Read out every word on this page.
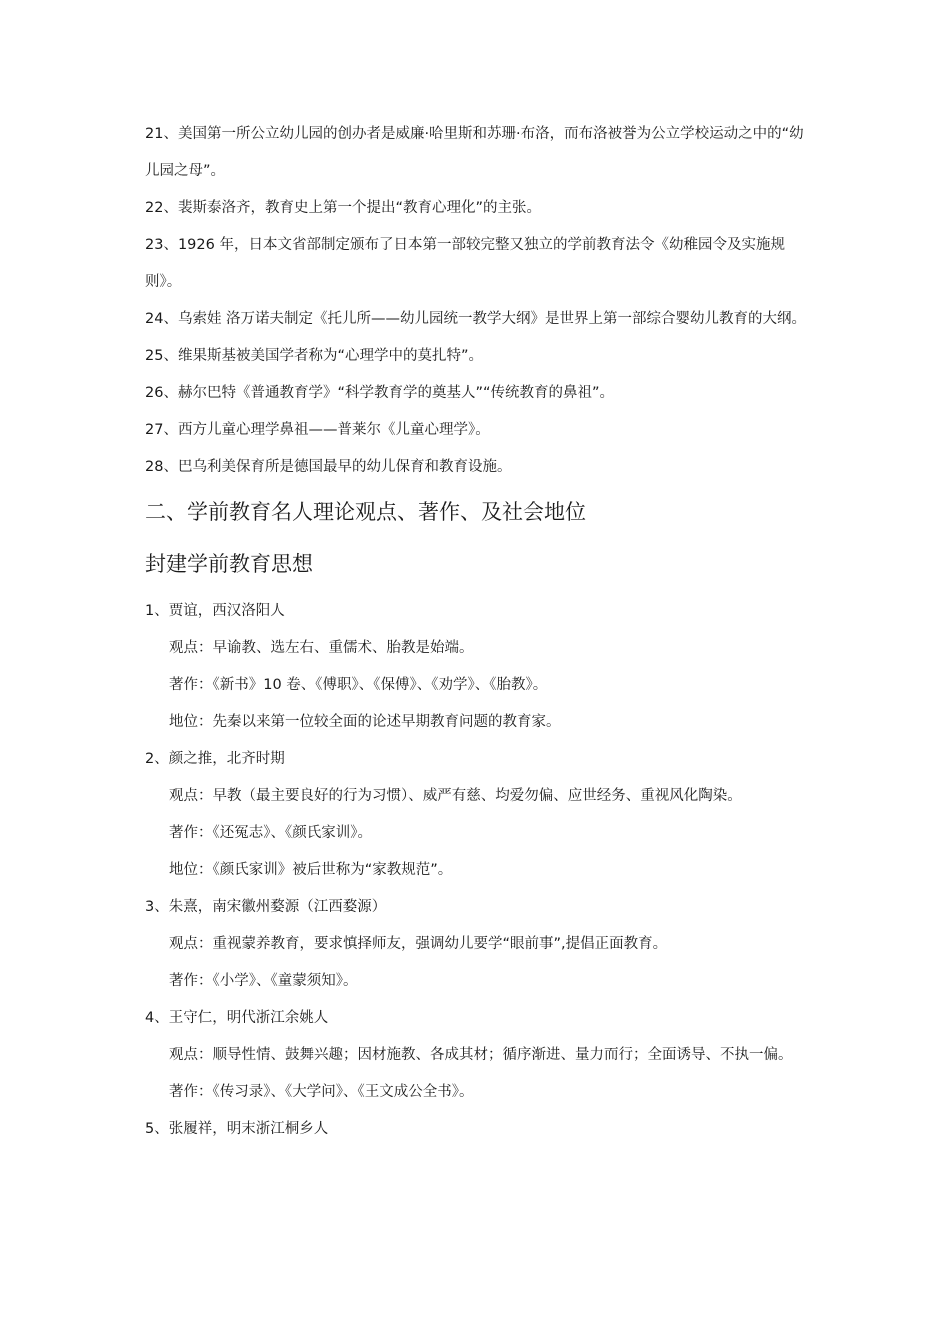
21、美国第一所公立幼儿园的创办者是威廉·哈里斯和苏珊·布洛，而布洛被誉为公立学校运动之中的“幼儿园之母”。

22、裴斯泰洛齐，教育史上第一个提出“教育心理化”的主张。

23、1926 年，日本文省部制定颁布了日本第一部较完整又独立的学前教育法令《幼稚园令及实施规则》。

24、乌索娃 洛万诺夫制定《托儿所——幼儿园统一教学大纲》是世界上第一部综合婴幼儿教育的大纲。

25、维果斯基被美国学者称为“心理学中的莫扎特”。

26、赫尔巴特《普通教育学》“科学教育学的奠基人”“传统教育的鼻祖”。

27、西方儿童心理学鼻祖——普莱尔《儿童心理学》。

28、巴乌利美保育所是德国最早的幼儿保育和教育设施。

二、学前教育名人理论观点、著作、及社会地位
封建学前教育思想

1、贾谊，西汉洛阳人

观点：早谕教、选左右、重儒术、胎教是始端。

著作：《新书》10 卷、《傅职》、《保傅》、《劝学》、《胎教》。

地位：先秦以来第一位较全面的论述早期教育问题的教育家。

2、颜之推，北齐时期

观点：早教（最主要良好的行为习惯）、威严有慈、均爱勿偏、应世经务、重视风化陶染。

著作：《还冤志》、《颜氏家训》。

地位：《颜氏家训》被后世称为“家教规范”。

3、朱熹，南宋徽州婺源（江西婺源）

观点：重视蒙养教育，要求慎择师友，强调幼儿要学“眼前事”,提倡正面教育。

著作：《小学》、《童蒙须知》。

4、王守仁，明代浙江余姚人

观点：顺导性情、鼓舞兴趣；因材施教、各成其材；循序渐进、量力而行；全面诱导、不执一偏。

著作：《传习录》、《大学问》、《王文成公全书》。

5、张履祥，明末浙江桐乡人
